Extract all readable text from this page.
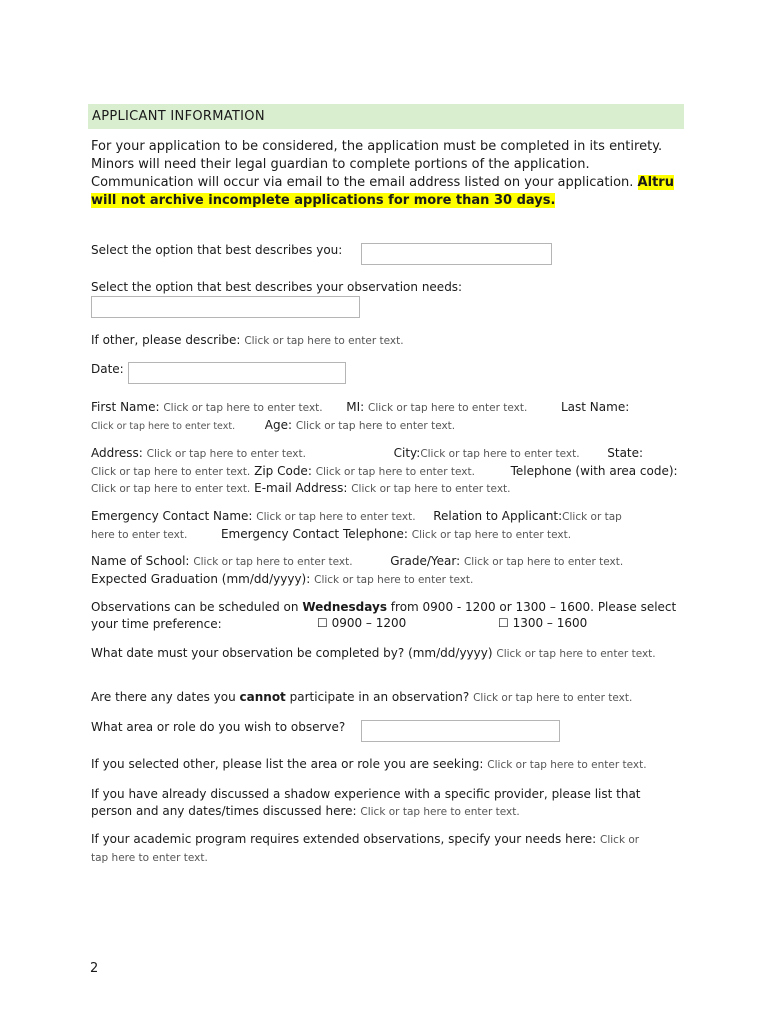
APPLICANT INFORMATION

For your application to be considered, the application must be completed in its entirety. Minors will need their legal guardian to complete portions of the application. Communication will occur via email to the email address listed on your application. Altru will not archive incomplete applications for more than 30 days.

Select the option that best describes you:
Select the option that best describes your observation needs:
If other, please describe: Click or tap here to enter text.
Date:
First Name: Click or tap here to enter text. MI: Click or tap here to enter text.	Last Name:
Click or tap here to enter text. Age: Click or tap here to enter text.
Address: Click or tap here to enter text.	City:Click or tap here to enter text. State:
Click or tap here to enter text. Zip Code: Click or tap here to enter text.	Telephone (with area code): Click or tap here to enter text. E-mail Address: Click or tap here to enter text.
Emergency Contact Name: Click or tap here to enter text. Relation to Applicant:Click or tap
here to enter text.	Emergency Contact Telephone: Click or tap here to enter text.
Name of School: Click or tap here to enter text.	Grade/Year: Click or tap here to enter text.
Expected Graduation (mm/dd/yyyy): Click or tap here to enter text.
Observations can be scheduled on Wednesdays from 0900 - 1200 or 1300 – 1600. Please select your time preference:	☐ 0900 – 1200	☐ 1300 – 1600
What date must your observation be completed by? (mm/dd/yyyy) Click or tap here to enter text.
Are there any dates you cannot participate in an observation? Click or tap here to enter text.
What area or role do you wish to observe?
If you selected other, please list the area or role you are seeking: Click or tap here to enter text.
If you have already discussed a shadow experience with a specific provider, please list that person and any dates/times discussed here: Click or tap here to enter text.
If your academic program requires extended observations, specify your needs here: Click or
tap here to enter text.
2
